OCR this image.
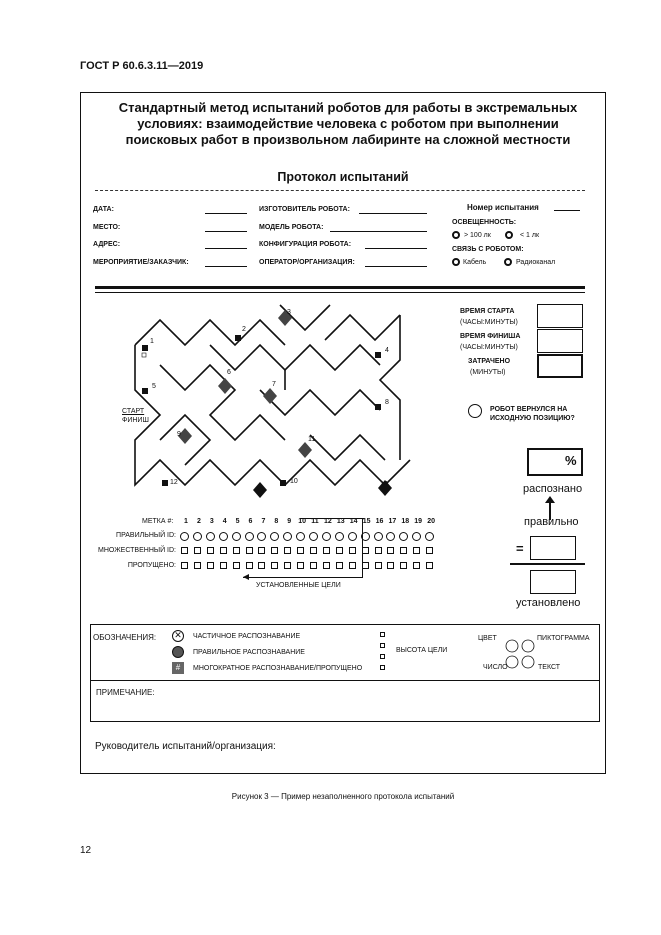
ГОСТ Р 60.6.3.11—2019
Стандартный метод испытаний роботов для работы в экстремальных условиях: взаимодействие человека с роботом при выполнении поисковых работ в произвольном лабиринте на сложной местности
Протокол испытаний
ДАТА:
МЕСТО:
АДРЕС:
МЕРОПРИЯТИЕ/ЗАКАЗЧИК:
ИЗГОТОВИТЕЛЬ РОБОТА:
МОДЕЛЬ РОБОТА:
КОНФИГУРАЦИЯ РОБОТА:
ОПЕРАТОР/ОРГАНИЗАЦИЯ:
Номер испытания
ОСВЕЩЕННОСТЬ:
> 100 лк	< 1 лк
СВЯЗЬ С РОБОТОМ:
Кабель	Радиоканал
1
2
3
4
5
6
7
8
9
10
11
12
13
14
СТАРТ
ФИНИШ
ВРЕМЯ СТАРТА
(ЧАСЫ:МИНУТЫ)
ВРЕМЯ ФИНИША
(ЧАСЫ:МИНУТЫ)
ЗАТРАЧЕНО
(МИНУТЫ)
РОБОТ ВЕРНУЛСЯ НА ИСХОДНУЮ ПОЗИЦИЮ?
%
распознано
правильно
=
установлено
МЕТКА #:	1	2	3	4	5	6	7	8	9	10 11 12 13 14 15 16 17 18 19 20
ПРАВИЛЬНЫЙ ID:
МНОЖЕСТВЕННЫЙ ID:
ПРОПУЩЕНО:
УСТАНОВЛЕННЫЕ ЦЕЛИ
ОБОЗНАЧЕНИЯ: ✕	ЧАСТИЧНОЕ РАСПОЗНАВАНИЕ
ПРАВИЛЬНОЕ РАСПОЗНАВАНИЕ
#	МНОГОКРАТНОЕ РАСПОЗНАВАНИЕ/ПРОПУЩЕНО
ВЫСОТА ЦЕЛИ
ЦВЕТ	ПИКТОГРАММА
ЧИСЛО	ТЕКСТ
ПРИМЕЧАНИЕ:
Руководитель испытаний/организация:
Рисунок 3 — Пример незаполненного протокола испытаний
12
